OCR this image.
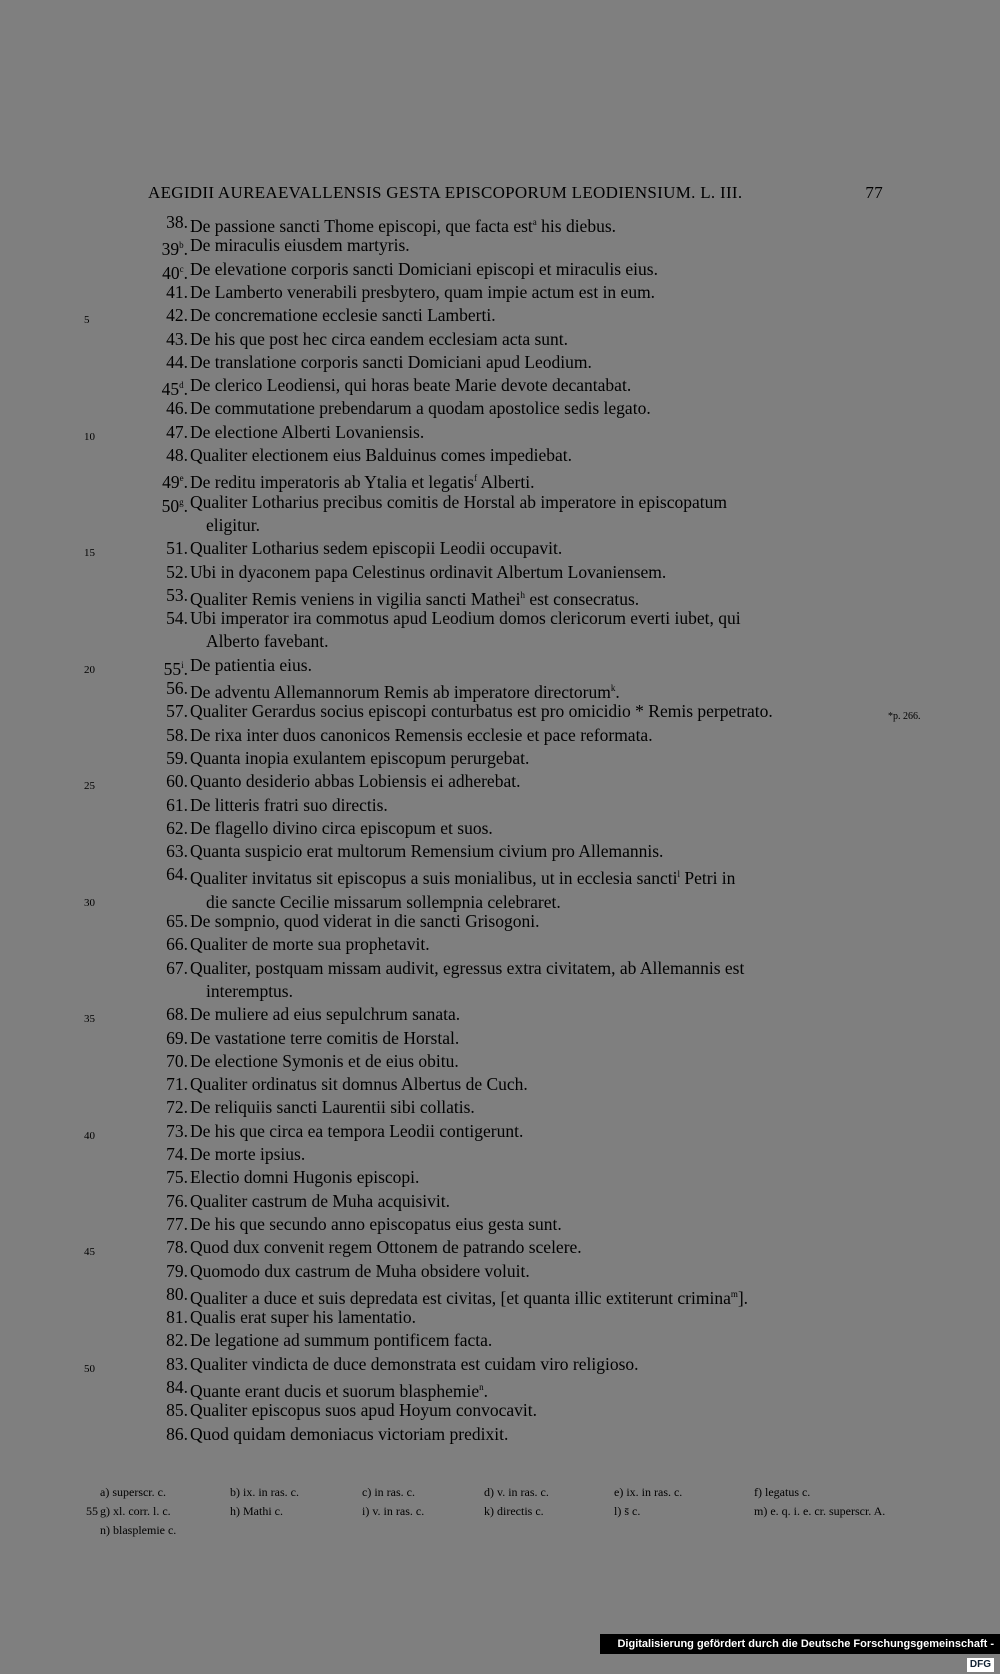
AEGIDII AUREAEVALLENSIS GESTA EPISCOPORUM LEODIENSIUM. L. III.	77
38. De passione sancti Thome episcopi, que facta est$^a$ his diebus.
39$^b$. De miraculis eiusdem martyris.
40$^c$. De elevatione corporis sancti Domiciani episcopi et miraculis eius.
41. De Lamberto venerabili presbytero, quam impie actum est in eum.
5	42. De concrematione ecclesie sancti Lamberti.
43. De his que post hec circa eandem ecclesiam acta sunt.
44. De translatione corporis sancti Domiciani apud Leodium.
45$^d$. De clerico Leodiensi, qui horas beate Marie devote decantabat.
46. De commutatione prebendarum a quodam apostolice sedis legato.
10	47. De electione Alberti Lovaniensis.
48. Qualiter electionem eius Balduinus comes impediebat.
49e. De reditu imperatoris ab Ytalia et legatis$^f$ Alberti.
50$^g$. Qualiter Lotharius precibus comitis de Horstal ab imperatore in episcopatum
eligitur.
15	51. Qualiter Lotharius sedem episcopii Leodii occupavit.
52. Ubi in dyaconem papa Celestinus ordinavit Albertum Lovaniensem.
53. Qualiter Remis veniens in vigilia sancti Mathei$^h$ est consecratus.
54. Ubi imperator ira commotus apud Leodium domos clericorum everti iubet, qui
Alberto favebant.
20	55$^i$. De patientia eius.
56. De adventu Allemannorum Remis ab imperatore directorum$^k$.
57. Qualiter Gerardus socius episcopi conturbatus est pro omicidio * Remis perpetrato.	*p. 266.
58. De rixa inter duos canonicos Remensis ecclesie et pace reformata.
59. Quanta inopia exulantem episcopum perurgebat.
25	60. Quanto desiderio abbas Lobiensis ei adherebat.
61. De litteris fratri suo directis.
62. De flagello divino circa episcopum et suos.
63. Quanta suspicio erat multorum Remensium civium pro Allemannis.
30
64. Qualiter invitatus sit episcopus a suis monialibus, ut in ecclesia sancti$^l$ Petri in
die sancte Cecilie missarum sollempnia celebraret.
65. De sompnio, quod viderat in die sancti Grisogoni.
66. Qualiter de morte sua prophetavit.
67. Qualiter, postquam missam audivit, egressus extra civitatem, ab Allemannis est
interemptus.
35	68. De muliere ad eius sepulchrum sanata.
69. De vastatione terre comitis de Horstal.
70. De electione Symonis et de eius obitu.
71. Qualiter ordinatus sit domnus Albertus de Cuch.
72. De reliquiis sancti Laurentii sibi collatis.
40	73. De his que circa ea tempora Leodii contigerunt.
74. De morte ipsius.
75. Electio domni Hugonis episcopi.
76. Qualiter castrum de Muha acquisivit.
77. De his que secundo anno episcopatus eius gesta sunt.
45	78. Quod dux convenit regem Ottonem de patrando scelere.
79. Quomodo dux castrum de Muha obsidere voluit.
80. Qualiter a duce et suis depredata est civitas, [et quanta illic extiterunt crimina$^m$].
81. Qualis erat super his lamentatio.
82. De legatione ad summum pontificem facta.
50	83. Qualiter vindicta de duce demonstrata est cuidam viro religioso.
84. Quante erant ducis et suorum blasphemie$^n$.
85. Qualiter episcopus suos apud Hoyum convocavit.
86. Quod quidam demoniacus victoriam predixit.
a) superscr. c.	b) ix. in ras. c.	c) in ras. c.	d) v. in ras. c.	e) ix. in ras. c.	f) legatus c.
55 g) xl. corr. l. c.	h) Mathi c.	i) v. in ras. c.	k) directis c.	l) s̄ c.	m) e. q. i. e. cr. superscr. A.
n) blasplemie c.
Digitalisierung gefördert durch die Deutsche Forschungsgemeinschaft -DFG
